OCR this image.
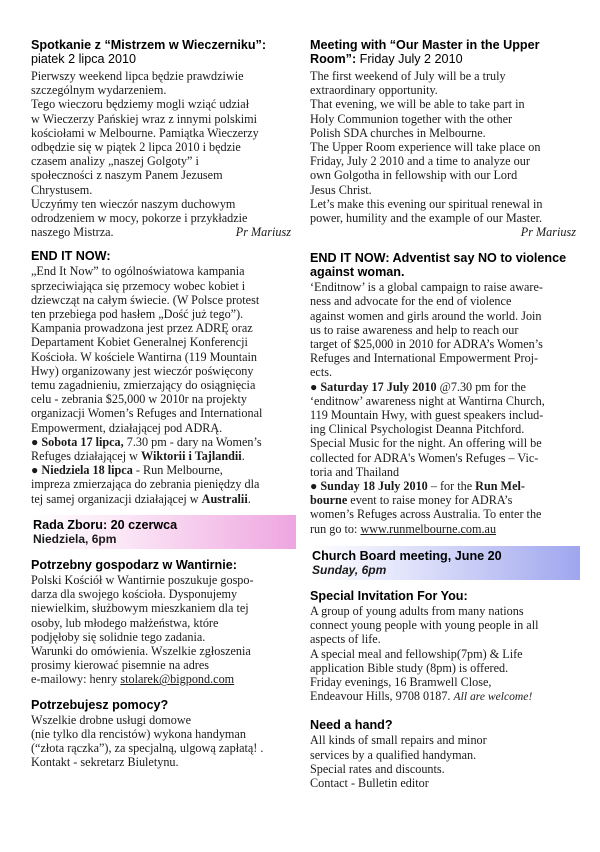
Spotkanie z “Mistrzem w Wieczerniku”: piatek 2 lipca 2010
Pierwszy weekend lipca będzie prawdziwie
szczególnym wydarzeniem.
Tego wieczoru będziemy mogli wziąć udział
w Wieczerzy Pańskiej wraz z innymi polskimi
kościołami w Melbourne. Pamiątka Wieczerzy
odbędzie się w piątek 2 lipca 2010 i będzie
czasem analizy „naszej Golgoty” i
społeczności z naszym Panem Jezusem
Chrystusem.
Uczyńmy ten wieczór naszym duchowym
odrodzeniem w mocy, pokorze i przykładzie
naszego Mistrza.	Pr Mariusz
END IT NOW:
„End It Now” to ogólnoświatowa kampania
sprzeciwiająca się przemocy wobec kobiet i
dziewcząt na całym świecie. (W Polsce protest
ten przebiega pod hasłem „Dość już tego”).
Kampania prowadzona jest przez ADRĘ oraz
Departament Kobiet Generalnej Konferencji
Kościoła. W kościele Wantirna (119 Mountain
Hwy) organizowany jest wieczór poświęcony
temu zagadnieniu, zmierzający do osiągnięcia
celu - zebrania $25,000 w 2010r na projekty
organizacji Women’s Refuges and International
Empowerment, działającej pod ADRĄ.
● Sobota 17 lipca, 7.30 pm - dary na Women’s
Refuges działającej w Wiktorii i Tajlandii.
● Niedziela 18 lipca - Run Melbourne,
impreza zmierzająca do zebrania pieniędzy dla
tej samej organizacji działającej w Australii.
Rada Zboru: 20 czerwca
Niedziela, 6pm
Potrzebny gospodarz w Wantirnie:
Polski Kościół w Wantirnie poszukuje gospo-
darza dla swojego kościoła. Dysponujemy
niewielkim, służbowym mieszkaniem dla tej
osoby, lub młodego małżeństwa, które
podjęłoby się solidnie tego zadania.
Warunki do omówienia. Wszelkie zgłoszenia
prosimy kierować pisemnie na adres
e-mailowy: henry stolarek@bigpond.com
Potrzebujesz pomocy?
Wszelkie drobne usługi domowe
(nie tylko dla rencistów) wykona handyman
(“złota rączka”), za specjalną, ulgową zapłatą! .
Kontakt - sekretarz Biuletynu.
Meeting with “Our Master in the Upper Room”: Friday July 2 2010
The first weekend of July will be a truly
extraordinary opportunity.
That evening, we will be able to take part in
Holy Communion together with the other
Polish SDA churches in Melbourne.
The Upper Room experience will take place on
Friday, July 2 2010 and a time to analyze our
own Golgotha in fellowship with our Lord
Jesus Christ.
Let’s make this evening our spiritual renewal in
power, humility and the example of our Master.
Pr Mariusz
END IT NOW: Adventist say NO to violence against woman.
‘Enditnow’ is a global campaign to raise aware-
ness and advocate for the end of violence
against women and girls around the world. Join
us to raise awareness and help to reach our
target of $25,000 in 2010 for ADRA’s Women’s
Refuges and International Empowerment Proj-
ects.
● Saturday 17 July 2010 @7.30 pm for the
‘enditnow’ awareness night at Wantirna Church,
119 Mountain Hwy, with guest speakers includ-
ing Clinical Psychologist Deanna Pitchford.
Special Music for the night. An offering will be
collected for ADRA's Women's Refuges – Vic-
toria and Thailand
● Sunday 18 July 2010 – for the Run Mel-
bourne event to raise money for ADRA’s
women’s Refuges across Australia. To enter the
run go to: www.runmelbourne.com.au
Church Board meeting, June 20
Sunday, 6pm
Special Invitation For You:
A group of young adults from many nations
connect young people with young people in all
aspects of life.
A special meal and fellowship(7pm) & Life
application Bible study (8pm) is offered.
Friday evenings, 16 Bramwell Close,
Endeavour Hills, 9708 0187. All are welcome!
Need a hand?
All kinds of small repairs and minor
services by a qualified handyman.
Special rates and discounts.
Contact - Bulletin editor
